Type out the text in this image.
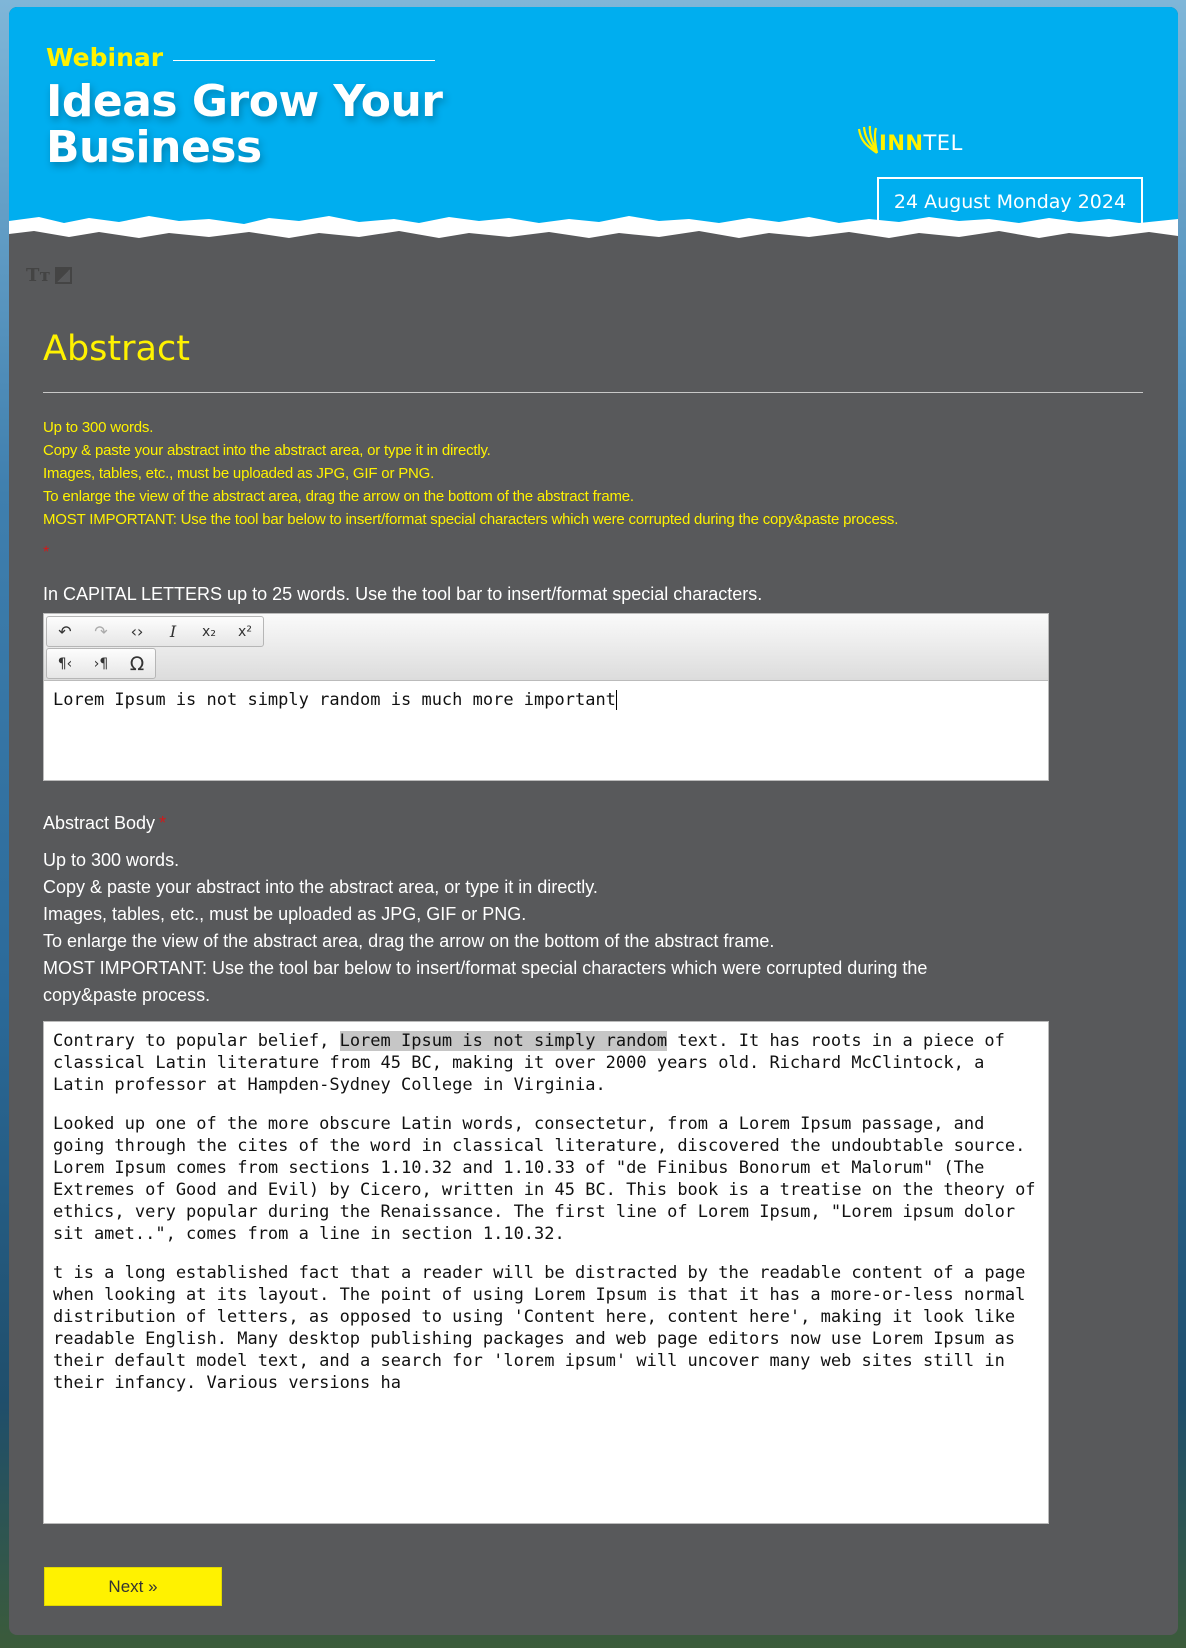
Webinar
Ideas Grow Your
Business	INN TEL
24 August Monday 2024
Tт
Abstract
Up to 300 words.
Copy & paste your abstract into the abstract area, or type it in directly.
Images, tables, etc., must be uploaded as JPG, GIF or PNG.
To enlarge the view of the abstract area, drag the arrow on the bottom of the abstract frame.
MOST IMPORTANT: Use the tool bar below to insert/format special characters which were corrupted during the copy&paste process.
*
In CAPITAL LETTERS up to 25 words. Use the tool bar to insert/format special characters.
↶ ↷ ‹› I x₂ x²
¶‹ ›¶ Ω
Lorem Ipsum is not simply random is much more important
Abstract Body *
Up to 300 words.
Copy & paste your abstract into the abstract area, or type it in directly.
Images, tables, etc., must be uploaded as JPG, GIF or PNG.
To enlarge the view of the abstract area, drag the arrow on the bottom of the abstract frame.
MOST IMPORTANT: Use the tool bar below to insert/format special characters which were corrupted during the copy&paste process.

Contrary to popular belief, Lorem Ipsum is not simply random text. It has roots in a piece of classical Latin literature from 45 BC, making it over 2000 years old. Richard McClintock, a Latin professor at Hampden-Sydney College in Virginia.

Looked up one of the more obscure Latin words, consectetur, from a Lorem Ipsum passage, and going through the cites of the word in classical literature, discovered the undoubtable source. Lorem Ipsum comes from sections 1.10.32 and 1.10.33 of "de Finibus Bonorum et Malorum" (The Extremes of Good and Evil) by Cicero, written in 45 BC. This book is a treatise on the theory of ethics, very popular during the Renaissance. The first line of Lorem Ipsum, "Lorem ipsum dolor sit amet..", comes from a line in section 1.10.32.

t is a long established fact that a reader will be distracted by the readable content of a page when looking at its layout. The point of using Lorem Ipsum is that it has a more-or-less normal distribution of letters, as opposed to using 'Content here, content here', making it look like readable English. Many desktop publishing packages and web page editors now use Lorem Ipsum as their default model text, and a search for 'lorem ipsum' will uncover many web sites still in their infancy. Various versions ha

Next »
